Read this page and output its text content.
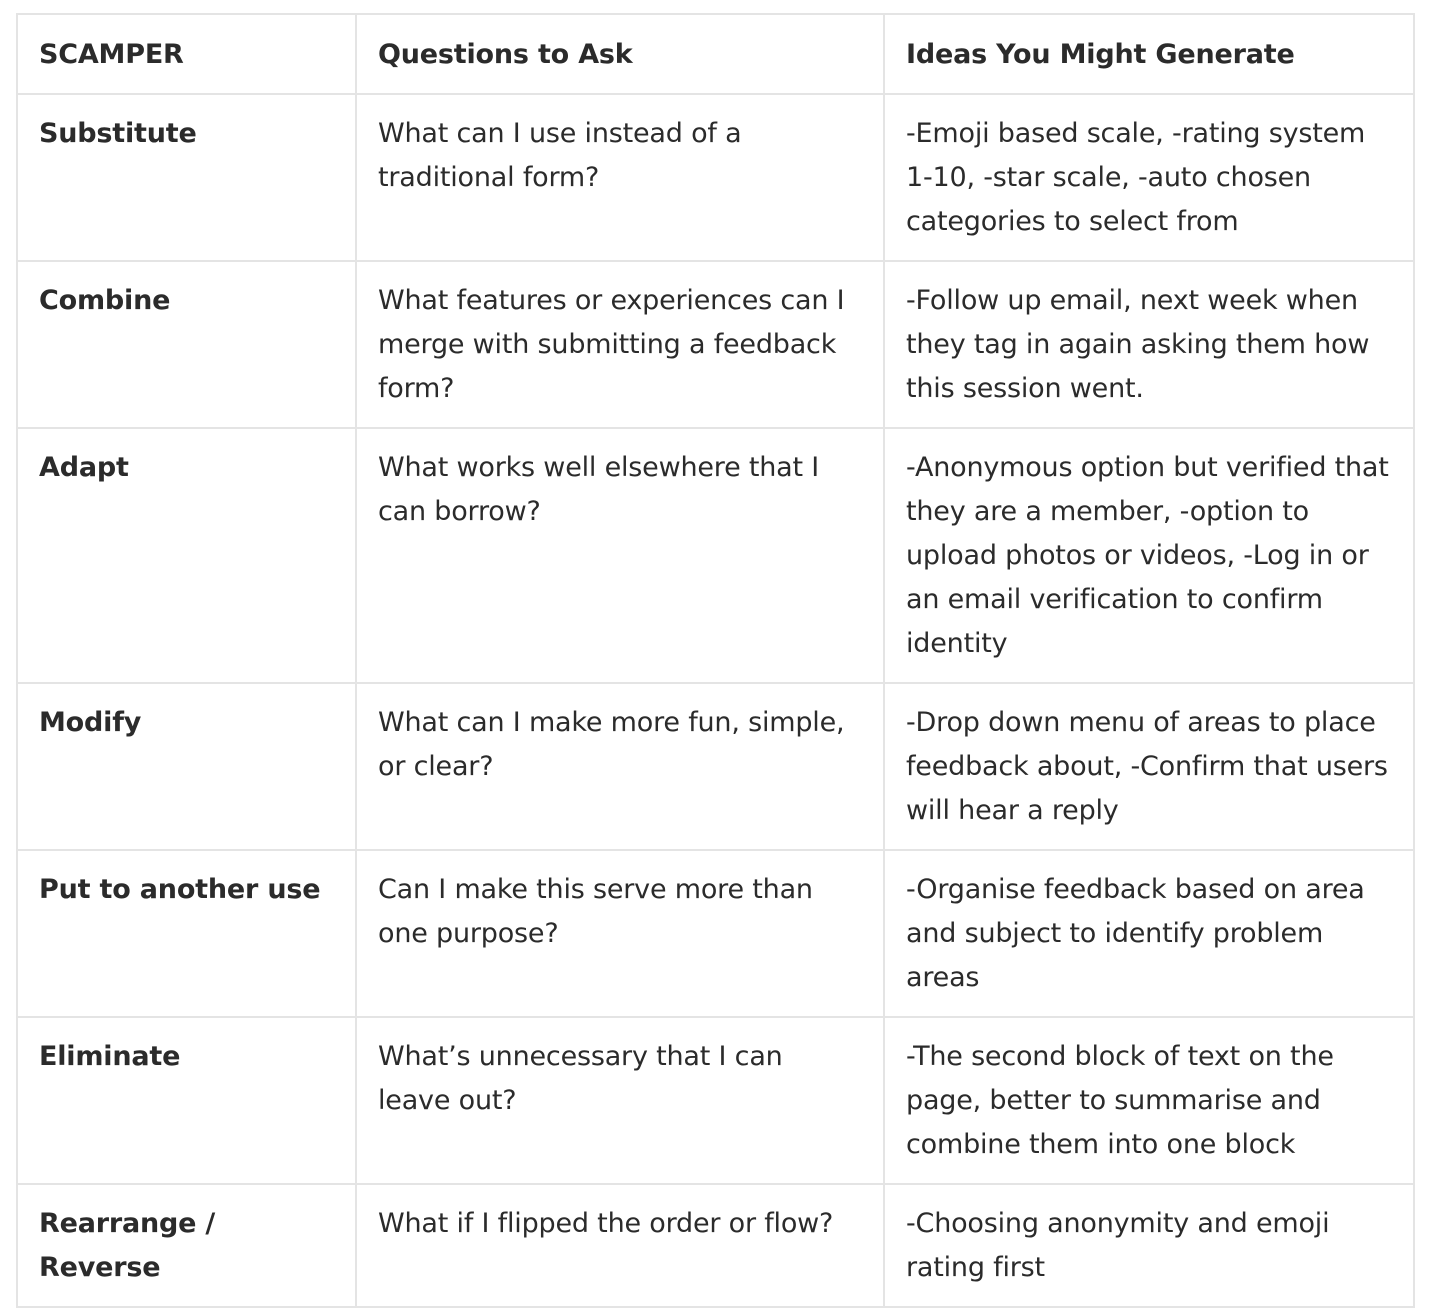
SCAMPER	Questions to Ask	Ideas You Might Generate
Substitute	What can I use instead of a traditional form?	-Emoji based scale, -rating system 1-10, -star scale, -auto chosen categories to select from
Combine	What features or experiences can I merge with submitting a feedback form?	-Follow up email, next week when they tag in again asking them how this session went.
Adapt	What works well elsewhere that I can borrow?	-Anonymous option but verified that they are a member, -option to upload photos or videos, -Log in or an email verification to confirm identity
Modify	What can I make more fun, simple, or clear?	-Drop down menu of areas to place feedback about, -Confirm that users will hear a reply
Put to another use	Can I make this serve more than one purpose?	-Organise feedback based on area and subject to identify problem areas
Eliminate	What’s unnecessary that I can leave out?	-The second block of text on the page, better to summarise and combine them into one block
Rearrange / Reverse	What if I flipped the order or flow?	-Choosing anonymity and emoji rating first
